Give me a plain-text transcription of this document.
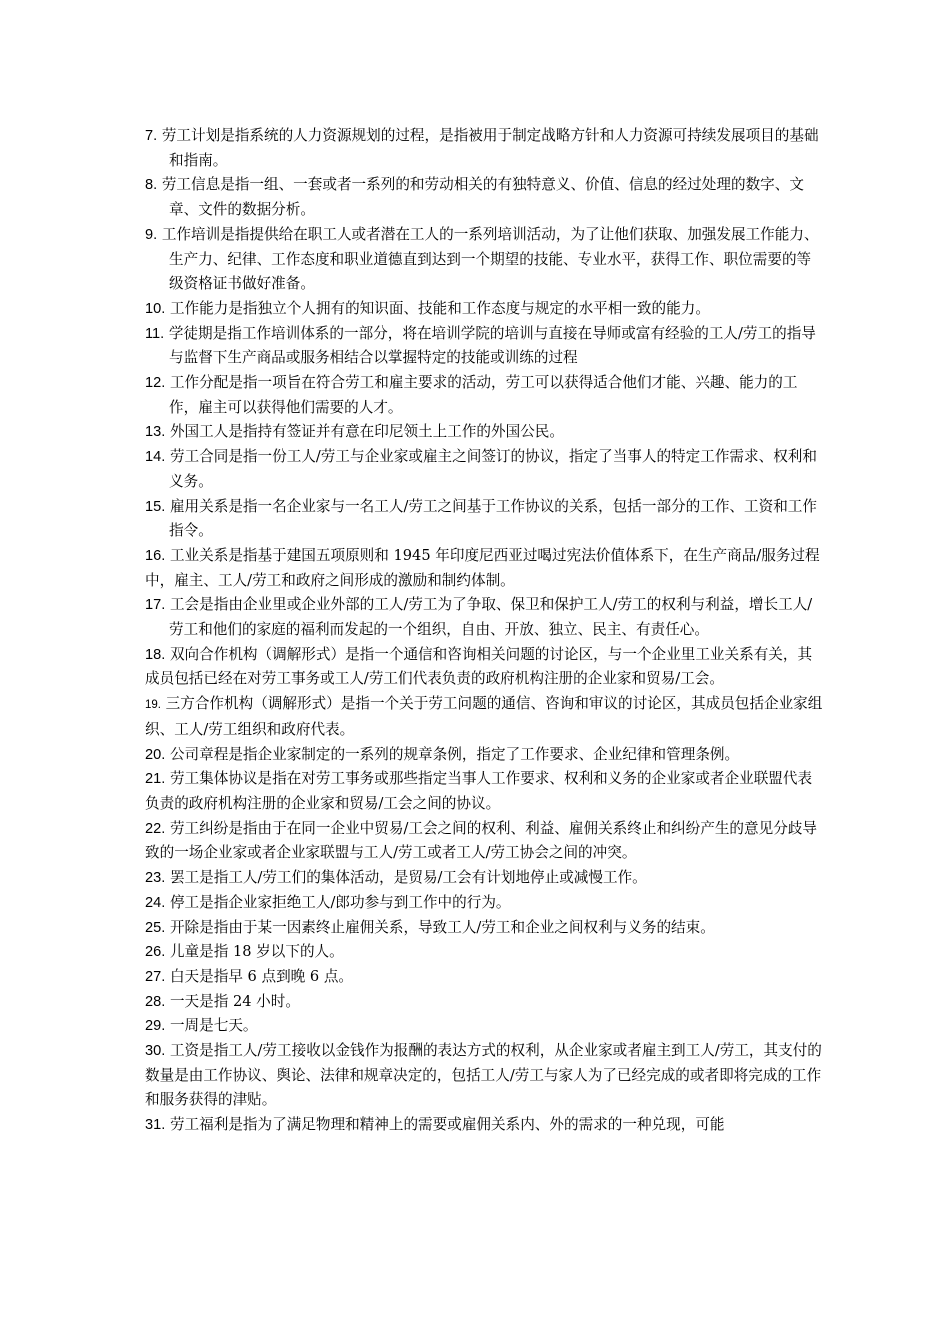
7. 劳工计划是指系统的人力资源规划的过程，是指被用于制定战略方针和人力资源可持续发展项目的基础和指南。

8. 劳工信息是指一组、一套或者一系列的和劳动相关的有独特意义、价值、信息的经过处理的数字、文章、文件的数据分析。

9. 工作培训是指提供给在职工人或者潜在工人的一系列培训活动，为了让他们获取、加强发展工作能力、生产力、纪律、工作态度和职业道德直到达到一个期望的技能、专业水平，获得工作、职位需要的等级资格证书做好准备。

10. 工作能力是指独立个人拥有的知识面、技能和工作态度与规定的水平相一致的能力。

11. 学徒期是指工作培训体系的一部分，将在培训学院的培训与直接在导师或富有经验的工人/劳工的指导与监督下生产商品或服务相结合以掌握特定的技能或训练的过程

12. 工作分配是指一项旨在符合劳工和雇主要求的活动，劳工可以获得适合他们才能、兴趣、能力的工作，雇主可以获得他们需要的人才。

13. 外国工人是指持有签证并有意在印尼领土上工作的外国公民。

14. 劳工合同是指一份工人/劳工与企业家或雇主之间签订的协议，指定了当事人的特定工作需求、权利和义务。

15. 雇用关系是指一名企业家与一名工人/劳工之间基于工作协议的关系，包括一部分的工作、工资和工作指令。

16. 工业关系是指基于建国五项原则和 1945 年印度尼西亚过喝过宪法价值体系下，在生产商品/服务过程中，雇主、工人/劳工和政府之间形成的激励和制约体制。

17. 工会是指由企业里或企业外部的工人/劳工为了争取、保卫和保护工人/劳工的权利与利益，增长工人/劳工和他们的家庭的福利而发起的一个组织，自由、开放、独立、民主、有责任心。

18. 双向合作机构（调解形式）是指一个通信和咨询相关问题的讨论区，与一个企业里工业关系有关，其成员包括已经在对劳工事务或工人/劳工们代表负责的政府机构注册的企业家和贸易/工会。

19. 三方合作机构（调解形式）是指一个关于劳工问题的通信、咨询和审议的讨论区，其成员包括企业家组织、工人/劳工组织和政府代表。

20. 公司章程是指企业家制定的一系列的规章条例，指定了工作要求、企业纪律和管理条例。

21. 劳工集体协议是指在对劳工事务或那些指定当事人工作要求、权利和义务的企业家或者企业联盟代表负责的政府机构注册的企业家和贸易/工会之间的协议。

22. 劳工纠纷是指由于在同一企业中贸易/工会之间的权利、利益、雇佣关系终止和纠纷产生的意见分歧导致的一场企业家或者企业家联盟与工人/劳工或者工人/劳工协会之间的冲突。

23. 罢工是指工人/劳工们的集体活动，是贸易/工会有计划地停止或减慢工作。

24. 停工是指企业家拒绝工人/郎功参与到工作中的行为。

25. 开除是指由于某一因素终止雇佣关系，导致工人/劳工和企业之间权利与义务的结束。

26. 儿童是指 18 岁以下的人。

27. 白天是指早 6 点到晚 6 点。

28. 一天是指 24 小时。

29. 一周是七天。

30. 工资是指工人/劳工接收以金钱作为报酬的表达方式的权利，从企业家或者雇主到工人/劳工，其支付的数量是由工作协议、舆论、法律和规章决定的，包括工人/劳工与家人为了已经完成的或者即将完成的工作和服务获得的津贴。

31. 劳工福利是指为了满足物理和精神上的需要或雇佣关系内、外的需求的一种兑现，可能
